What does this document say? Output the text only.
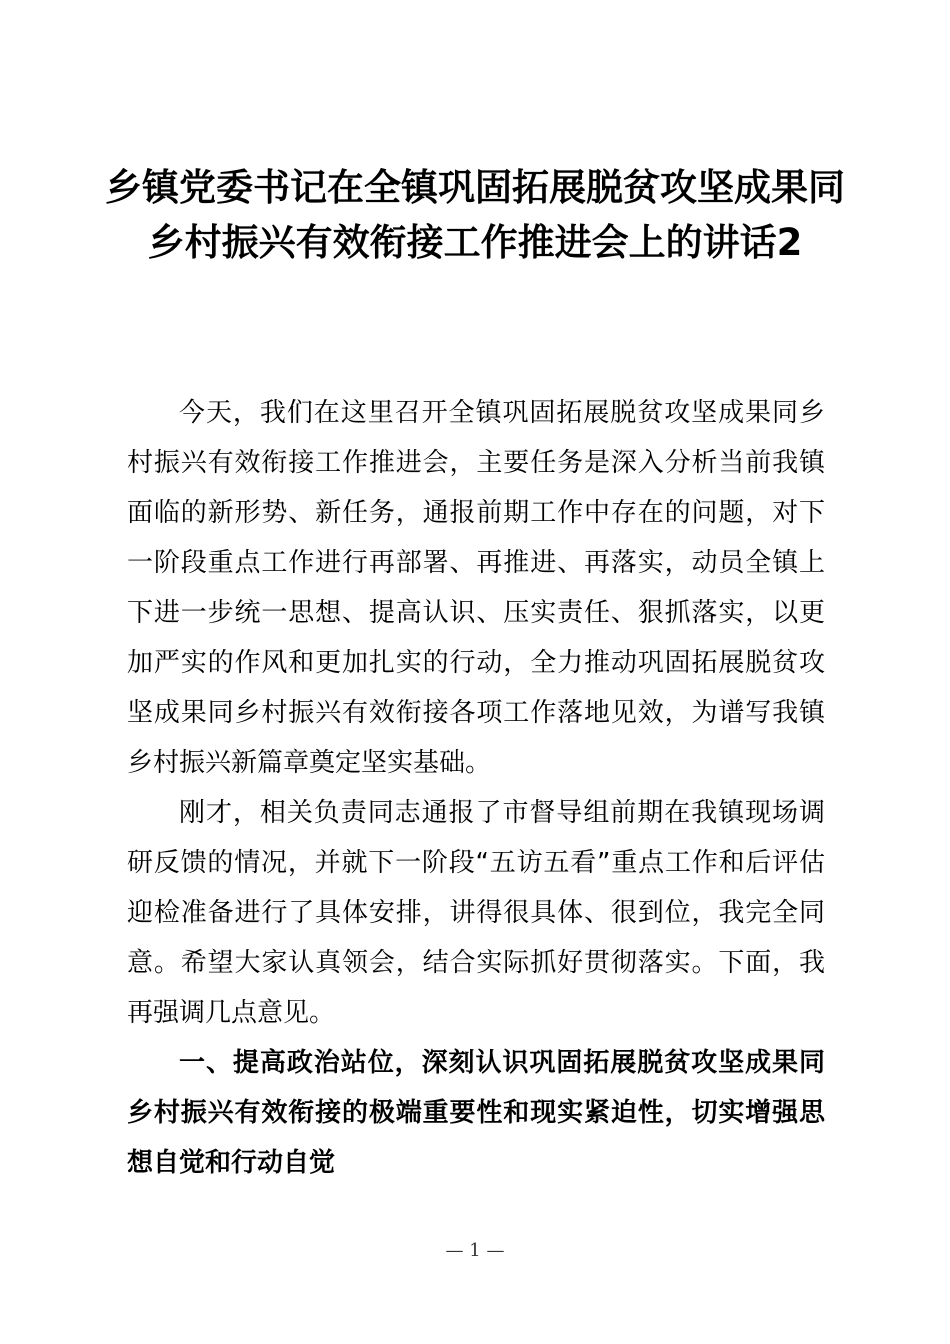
乡镇党委书记在全镇巩固拓展脱贫攻坚成果同乡村振兴有效衔接工作推进会上的讲话2

今天，我们在这里召开全镇巩固拓展脱贫攻坚成果同乡村振兴有效衔接工作推进会，主要任务是深入分析当前我镇面临的新形势、新任务，通报前期工作中存在的问题，对下一阶段重点工作进行再部署、再推进、再落实，动员全镇上下进一步统一思想、提高认识、压实责任、狠抓落实，以更加严实的作风和更加扎实的行动，全力推动巩固拓展脱贫攻坚成果同乡村振兴有效衔接各项工作落地见效，为谱写我镇乡村振兴新篇章奠定坚实基础。

刚才，相关负责同志通报了市督导组前期在我镇现场调研反馈的情况，并就下一阶段“五访五看”重点工作和后评估迎检准备进行了具体安排，讲得很具体、很到位，我完全同意。希望大家认真领会，结合实际抓好贯彻落实。下面，我再强调几点意见。

一、提高政治站位，深刻认识巩固拓展脱贫攻坚成果同乡村振兴有效衔接的极端重要性和现实紧迫性，切实增强思想自觉和行动自觉

— 1 —
